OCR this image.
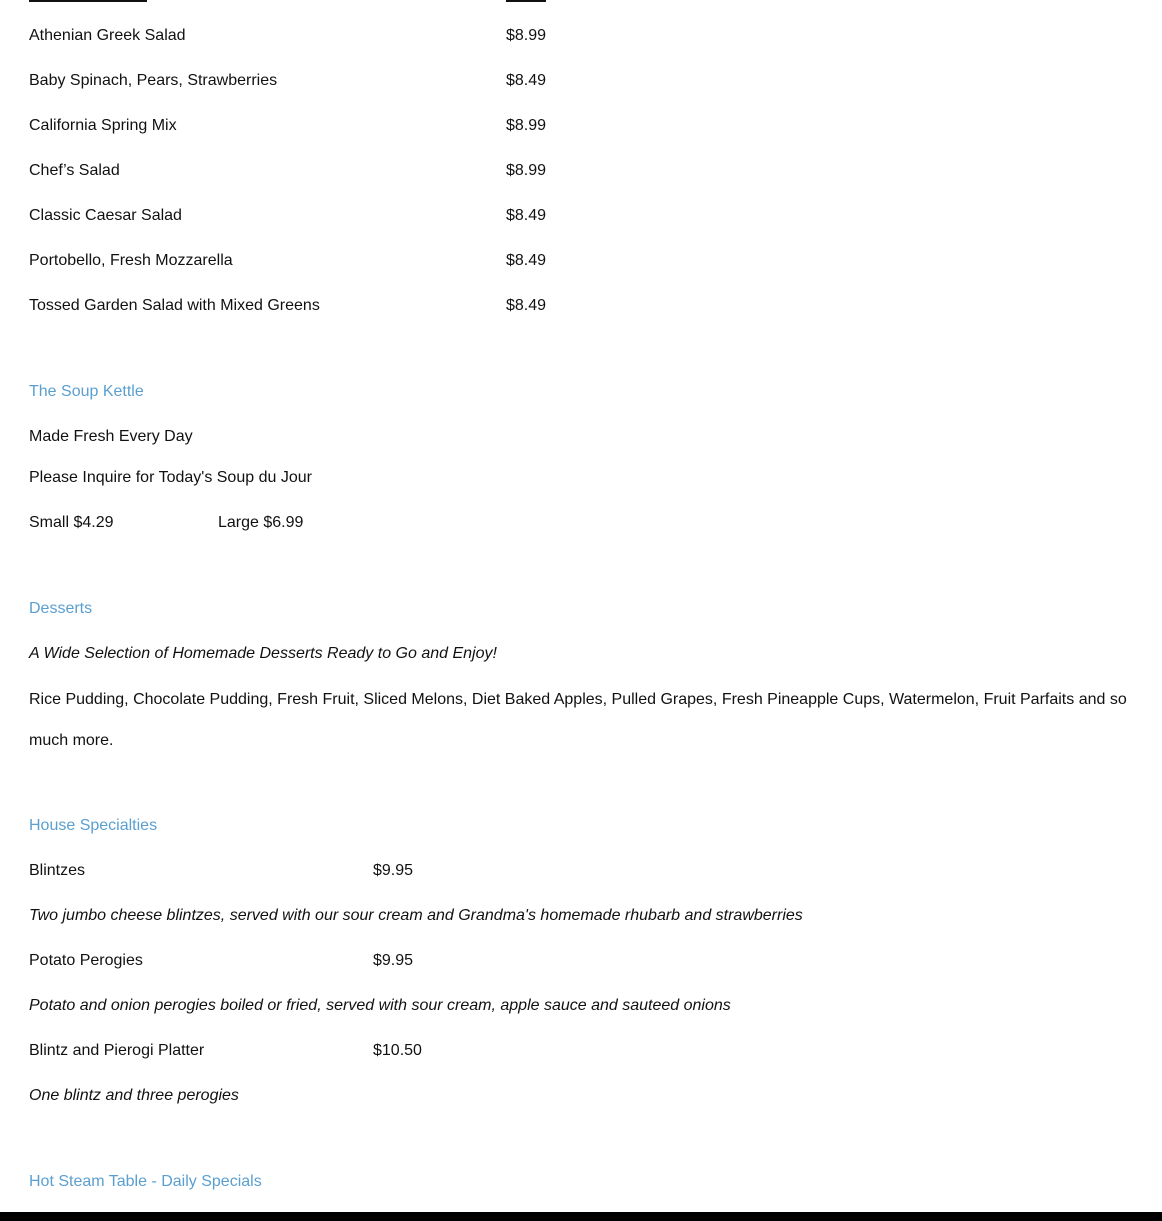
Athenian Greek Salad	$8.99
Baby Spinach, Pears, Strawberries	$8.49
California Spring Mix	$8.99
Chef’s Salad	$8.99
Classic Caesar Salad	$8.49
Portobello, Fresh Mozzarella	$8.49
Tossed Garden Salad with Mixed Greens	$8.49
The Soup Kettle
Made Fresh Every Day
Please Inquire for Today's Soup du Jour
Small $4.29	Large $6.99
Desserts
A Wide Selection of Homemade Desserts Ready to Go and Enjoy!
Rice Pudding, Chocolate Pudding, Fresh Fruit, Sliced Melons, Diet Baked Apples, Pulled Grapes, Fresh Pineapple Cups, Watermelon, Fruit Parfaits and so much more.
House Specialties
Blintzes	$9.95
Two jumbo cheese blintzes, served with our sour cream and Grandma's homemade rhubarb and strawberries
Potato Perogies	$9.95
Potato and onion perogies boiled or fried, served with sour cream, apple sauce and sauteed onions
Blintz and Pierogi Platter	$10.50
One blintz and three perogies
Hot Steam Table - Daily Specials
